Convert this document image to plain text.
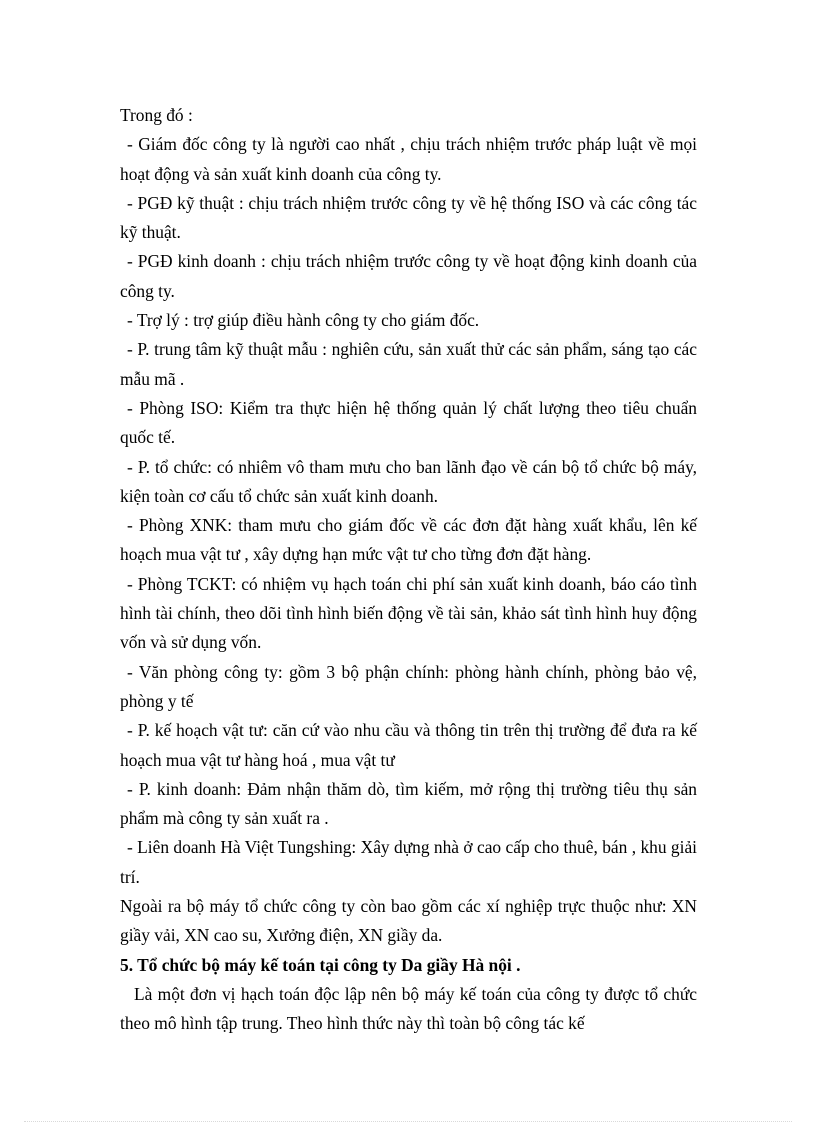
Trong đó :

- Giám đốc công ty là người cao nhất , chịu trách nhiệm trước pháp luật về mọi hoạt động và sản xuất kinh doanh của công ty.

- PGĐ kỹ thuật : chịu trách nhiệm trước công ty về hệ thống ISO và các công tác kỹ thuật.

- PGĐ kinh doanh : chịu trách nhiệm trước công ty về hoạt động kinh doanh của công ty.

- Trợ lý : trợ giúp điều hành công ty cho giám đốc.

- P. trung tâm kỹ thuật mẫu : nghiên cứu, sản xuất thử các sản phẩm, sáng tạo các mẫu mã .

- Phòng ISO: Kiểm tra thực hiện hệ thống quản lý chất lượng theo tiêu chuẩn quốc tế.

- P. tổ chức: có nhiêm vô tham mưu cho ban lãnh đạo về cán bộ tổ chức bộ máy, kiện toàn cơ cấu tổ chức sản xuất kinh doanh.

- Phòng XNK: tham mưu cho giám đốc về các đơn đặt hàng xuất khẩu, lên kế hoạch mua vật tư , xây dựng hạn mức vật tư cho từng đơn đặt hàng.

- Phòng TCKT: có nhiệm vụ hạch toán chi phí sản xuất kinh doanh, báo cáo tình hình tài chính, theo dõi tình hình biến động về tài sản, khảo sát tình hình huy động vốn và sử dụng vốn.

- Văn phòng công ty: gồm 3 bộ phận chính: phòng hành chính, phòng bảo vệ, phòng y tế

- P. kế hoạch vật tư: căn cứ vào nhu cầu và thông tin trên thị trường để đưa ra kế hoạch mua vật tư hàng hoá , mua vật tư

- P. kinh doanh: Đảm nhận thăm dò, tìm kiếm, mở rộng thị trường tiêu thụ sản phẩm mà công ty sản xuất ra .

- Liên doanh Hà Việt Tungshing: Xây dựng nhà ở cao cấp cho thuê, bán , khu giải trí.

Ngoài ra bộ máy tổ chức công ty còn bao gồm các xí nghiệp trực thuộc như: XN giầy vải, XN cao su, Xưởng điện, XN giầy da.

5. Tổ chức bộ máy kế toán tại công ty Da giầy Hà nội .

Là một đơn vị hạch toán độc lập nên bộ máy kế toán của công ty được tổ chức theo mô hình tập trung. Theo hình thức này thì toàn bộ công tác kế
